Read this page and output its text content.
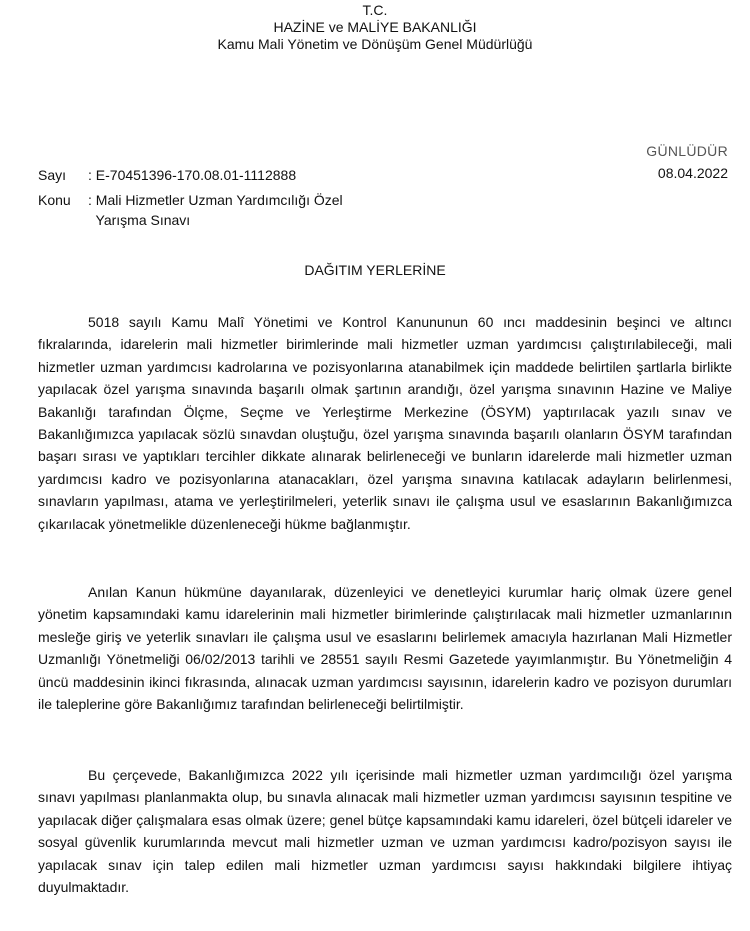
T.C.
HAZİNE ve MALİYE BAKANLIĞI
Kamu Mali Yönetim ve Dönüşüm Genel Müdürlüğü
GÜNLÜDÜR
08.04.2022
Sayı	: E-70451396-170.08.01-1112888
Konu	: Mali Hizmetler Uzman Yardımcılığı Özel
Yarışma Sınavı
DAĞITIM YERLERİNE

5018 sayılı Kamu Malî Yönetimi ve Kontrol Kanununun 60 ıncı maddesinin beşinci ve altıncı fıkralarında, idarelerin mali hizmetler birimlerinde mali hizmetler uzman yardımcısı çalıştırılabileceği, mali hizmetler uzman yardımcısı kadrolarına ve pozisyonlarına atanabilmek için maddede belirtilen şartlarla birlikte yapılacak özel yarışma sınavında başarılı olmak şartının arandığı, özel yarışma sınavının Hazine ve Maliye Bakanlığı tarafından Ölçme, Seçme ve Yerleştirme Merkezine (ÖSYM) yaptırılacak yazılı sınav ve Bakanlığımızca yapılacak sözlü sınavdan oluştuğu, özel yarışma sınavında başarılı olanların ÖSYM tarafından başarı sırası ve yaptıkları tercihler dikkate alınarak belirleneceği ve bunların idarelerde mali hizmetler uzman yardımcısı kadro ve pozisyonlarına atanacakları, özel yarışma sınavına katılacak adayların belirlenmesi, sınavların yapılması, atama ve yerleştirilmeleri, yeterlik sınavı ile çalışma usul ve esaslarının Bakanlığımızca çıkarılacak yönetmelikle düzenleneceği hükme bağlanmıştır.

Anılan Kanun hükmüne dayanılarak, düzenleyici ve denetleyici kurumlar hariç olmak üzere genel yönetim kapsamındaki kamu idarelerinin mali hizmetler birimlerinde çalıştırılacak mali hizmetler uzmanlarının mesleğe giriş ve yeterlik sınavları ile çalışma usul ve esaslarını belirlemek amacıyla hazırlanan Mali Hizmetler Uzmanlığı Yönetmeliği 06/02/2013 tarihli ve 28551 sayılı Resmi Gazetede yayımlanmıştır. Bu Yönetmeliğin 4 üncü maddesinin ikinci fıkrasında, alınacak uzman yardımcısı sayısının, idarelerin kadro ve pozisyon durumları ile taleplerine göre Bakanlığımız tarafından belirleneceği belirtilmiştir.

Bu çerçevede, Bakanlığımızca 2022 yılı içerisinde mali hizmetler uzman yardımcılığı özel yarışma sınavı yapılması planlanmakta olup, bu sınavla alınacak mali hizmetler uzman yardımcısı sayısının tespitine ve yapılacak diğer çalışmalara esas olmak üzere; genel bütçe kapsamındaki kamu idareleri, özel bütçeli idareler ve sosyal güvenlik kurumlarında mevcut mali hizmetler uzman ve uzman yardımcısı kadro/pozisyon sayısı ile yapılacak sınav için talep edilen mali hizmetler uzman yardımcısı sayısı hakkındaki bilgilere ihtiyaç duyulmaktadır.
